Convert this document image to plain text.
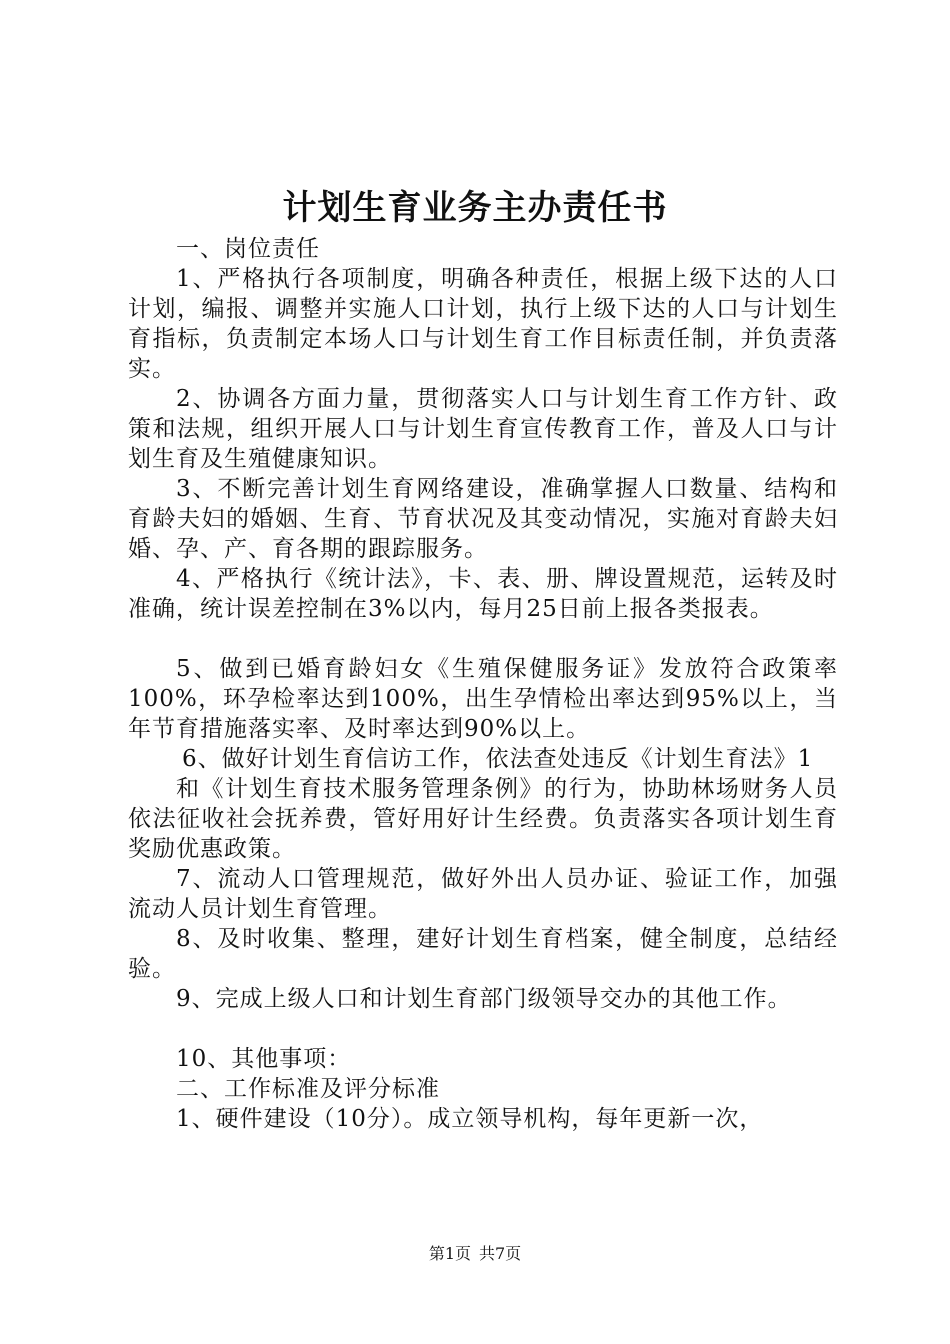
计划生育业务主办责任书

一、岗位责任

1、严格执行各项制度，明确各种责任，根据上级下达的人口计划，编报、调整并实施人口计划，执行上级下达的人口与计划生育指标，负责制定本场人口与计划生育工作目标责任制，并负责落实。

2、协调各方面力量，贯彻落实人口与计划生育工作方针、政策和法规，组织开展人口与计划生育宣传教育工作，普及人口与计划生育及生殖健康知识。

3、不断完善计划生育网络建设，准确掌握人口数量、结构和育龄夫妇的婚姻、生育、节育状况及其变动情况，实施对育龄夫妇婚、孕、产、育各期的跟踪服务。

4、严格执行《统计法》，卡、表、册、牌设置规范，运转及时准确，统计误差控制在3%以内，每月25日前上报各类报表。

5、做到已婚育龄妇女《生殖保健服务证》发放符合政策率100%，环孕检率达到100%，出生孕情检出率达到95%以上，当年节育措施落实率、及时率达到90%以上。

6、做好计划生育信访工作，依法查处违反《计划生育法》1

和《计划生育技术服务管理条例》的行为，协助林场财务人员依法征收社会抚养费，管好用好计生经费。负责落实各项计划生育奖励优惠政策。

7、流动人口管理规范，做好外出人员办证、验证工作，加强流动人员计划生育管理。

8、及时收集、整理，建好计划生育档案，健全制度，总结经验。

9、完成上级人口和计划生育部门级领导交办的其他工作。

10、其他事项：

二、工作标准及评分标准

1、硬件建设（10分）。成立领导机构，每年更新一次，

第1页 共7页
